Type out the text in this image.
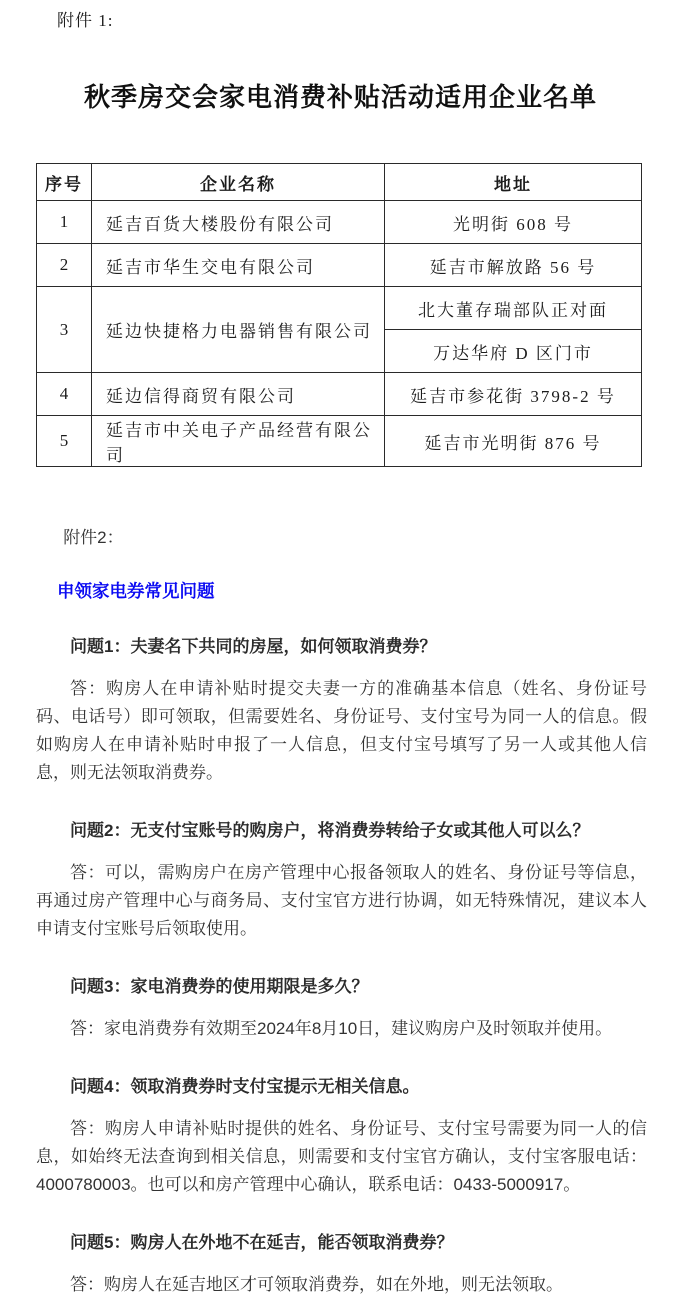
附件 1:

秋季房交会家电消费补贴活动适用企业名单
序号	企业名称	地址
1	延吉百货大楼股份有限公司	光明街 608 号
2	延吉市华生交电有限公司	延吉市解放路 56 号
3	延边快捷格力电器销售有限公司	北大董存瑞部队正对面
		万达华府 D 区门市
4	延边信得商贸有限公司	延吉市参花街 3798-2 号
5	延吉市中关电子产品经营有限公司	延吉市光明街 876 号

附件2：

申领家电券常见问题

问题1：夫妻名下共同的房屋，如何领取消费券？

答：购房人在申请补贴时提交夫妻一方的准确基本信息（姓名、身份证号码、电话号）即可领取，但需要姓名、身份证号、支付宝号为同一人的信息。假如购房人在申请补贴时申报了一人信息，但支付宝号填写了另一人或其他人信息，则无法领取消费券。

问题2：无支付宝账号的购房户，将消费券转给子女或其他人可以么？

答：可以，需购房户在房产管理中心报备领取人的姓名、身份证号等信息，再通过房产管理中心与商务局、支付宝官方进行协调，如无特殊情况，建议本人申请支付宝账号后领取使用。

问题3：家电消费券的使用期限是多久？

答：家电消费券有效期至2024年8月10日，建议购房户及时领取并使用。

问题4：领取消费券时支付宝提示无相关信息。

答：购房人申请补贴时提供的姓名、身份证号、支付宝号需要为同一人的信息，如始终无法查询到相关信息，则需要和支付宝官方确认，支付宝客服电话：4000780003。也可以和房产管理中心确认，联系电话：0433-5000917。

问题5：购房人在外地不在延吉，能否领取消费券？

答：购房人在延吉地区才可领取消费券，如在外地，则无法领取。
